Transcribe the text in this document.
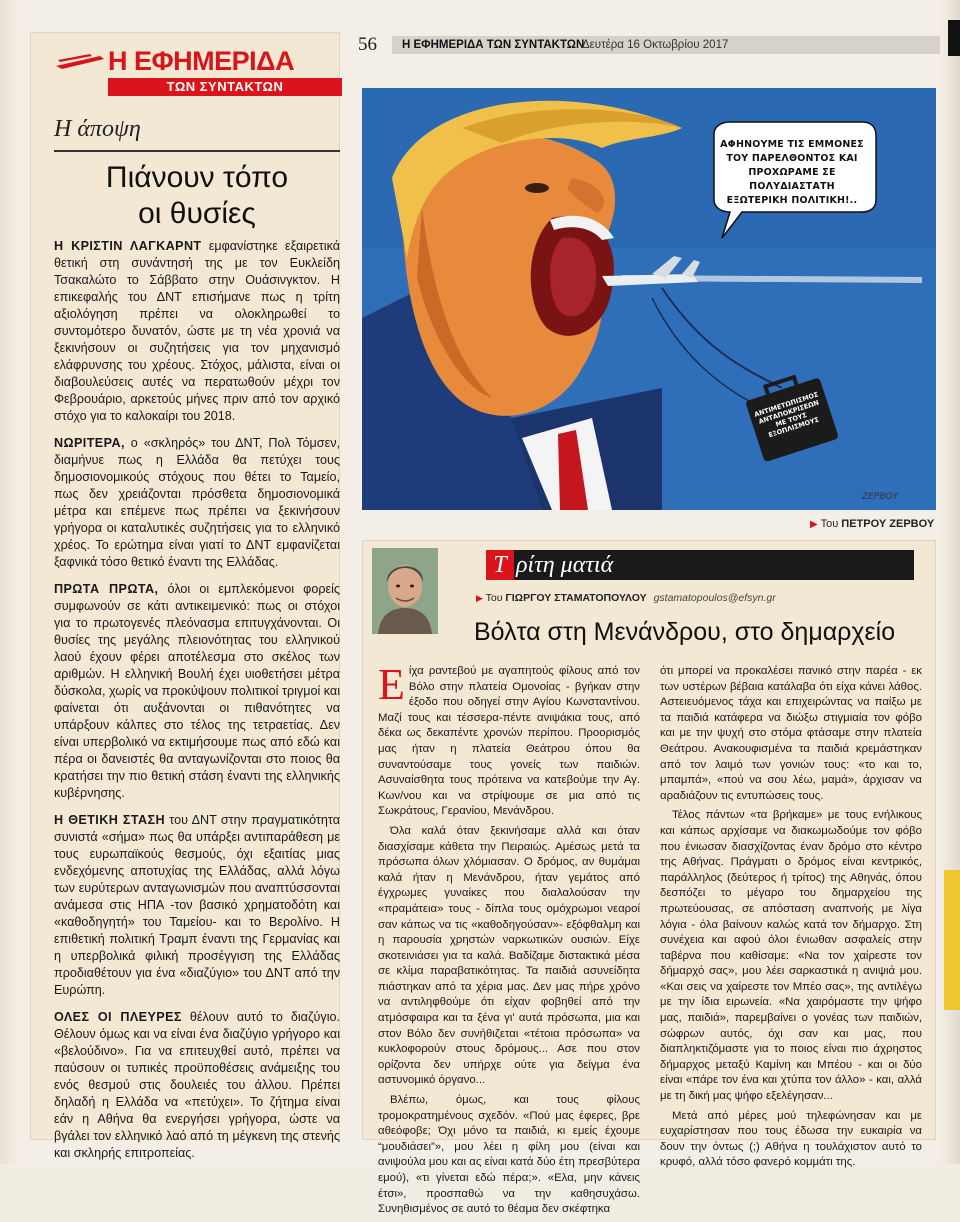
Η ΕΦΗΜΕΡΙΔΑ
ΤΩΝ ΣΥΝΤΑΚΤΩΝ
Η άποψη
Πιάνουν τόπο
οι θυσίες

Η ΚΡΙΣΤΙΝ ΛΑΓΚΑΡΝΤ εμφανίστηκε εξαιρετικά θετική στη συνάντησή της με τον Ευκλείδη Τσακαλώτο το Σάββατο στην Ουάσινγκτον. Η επικεφαλής του ΔΝΤ επισήμανε πως η τρίτη αξιολόγηση πρέπει να ολοκληρωθεί το συντομότερο δυνατόν, ώστε με τη νέα χρονιά να ξεκινήσουν οι συζητήσεις για τον μηχανισμό ελάφρυνσης του χρέους. Στόχος, μάλιστα, είναι οι διαβουλεύσεις αυτές να περατωθούν μέχρι τον Φεβρουάριο, αρκετούς μήνες πριν από τον αρχικό στόχο για το καλοκαίρι του 2018.

ΝΩΡΙΤΕΡΑ, ο «σκληρός» του ΔΝΤ, Πολ Τόμσεν, διαμήνυε πως η Ελλάδα θα πετύχει τους δημοσιονομικούς στόχους που θέτει το Ταμείο, πως δεν χρειάζονται πρόσθετα δημοσιονομικά μέτρα και επέμενε πως πρέπει να ξεκινήσουν γρήγορα οι καταλυτικές συζητήσεις για το ελληνικό χρέος. Το ερώτημα είναι γιατί το ΔΝΤ εμφανίζεται ξαφνικά τόσο θετικό έναντι της Ελλάδας.

ΠΡΩΤΑ ΠΡΩΤΑ, όλοι οι εμπλεκόμενοι φορείς συμφωνούν σε κάτι αντικειμενικό: πως οι στόχοι για το πρωτογενές πλεόνασμα επιτυγχάνονται. Οι θυσίες της μεγάλης πλειονότητας του ελληνικού λαού έχουν φέρει αποτέλεσμα στο σκέλος των αριθμών. Η ελληνική Βουλή έχει υιοθετήσει μέτρα δύσκολα, χωρίς να προκύψουν πολιτικοί τριγμοί και φαίνεται ότι αυξάνονται οι πιθανότητες να υπάρξουν κάλπες στο τέλος της τετραετίας. Δεν είναι υπερβολικό να εκτιμήσουμε πως από εδώ και πέρα οι δανειστές θα ανταγωνίζονται στο ποιος θα κρατήσει την πιο θετική στάση έναντι της ελληνικής κυβέρνησης.

Η ΘΕΤΙΚΗ ΣΤΑΣΗ του ΔΝΤ στην πραγματικότητα συνιστά «σήμα» πως θα υπάρξει αντιπαράθεση με τους ευρωπαϊκούς θεσμούς, όχι εξαιτίας μιας ενδεχόμενης αποτυχίας της Ελλάδας, αλλά λόγω των ευρύτερων ανταγωνισμών που αναπτύσσονται ανάμεσα στις ΗΠΑ -τον βασικό χρηματοδότη και «καθοδηγητή» του Ταμείου- και το Βερολίνο. Η επιθετική πολιτική Τραμπ έναντι της Γερμανίας και η υπερβολικά φιλική προσέγγιση της Ελλάδας προδιαθέτουν για ένα «διαζύγιο» του ΔΝΤ από την Ευρώπη.

ΟΛΕΣ ΟΙ ΠΛΕΥΡΕΣ θέλουν αυτό το διαζύγιο. Θέλουν όμως και να είναι ένα διαζύγιο γρήγορο και «βελούδινο». Για να επιτευχθεί αυτό, πρέπει να παύσουν οι τυπικές προϋποθέσεις ανάμειξης του ενός θεσμού στις δουλειές του άλλου. Πρέπει δηλαδή η Ελλάδα να «πετύχει». Το ζήτημα είναι εάν η Αθήνα θα ενεργήσει γρήγορα, ώστε να βγάλει τον ελληνικό λαό από τη μέγκενη της στενής και σκληρής επιτροπείας.

56	Η ΕΦΗΜΕΡΙΔΑ ΤΩΝ ΣΥΝΤΑΚΤΩΝ
Δευτέρα 16 Οκτωβρίου 2017
ΑΦΗΝΟΥΜΕ ΤΙΣ ΕΜΜΟΝΕΣ ΤΟΥ ΠΑΡΕΛΘΟΝΤΟΣ ΚΑΙ ΠΡΟΧΩΡΑΜΕ ΣΕ ΠΟΛΥΔΙΑΣΤΑΤΗ ΕΞΩΤΕΡΙΚΗ ΠΟΛΙΤΙΚΗ!..
ΑΝΤΙΜΕΤΩΠΙΣΜΟΣ ΑΝΤΑΠΟΚΡΙΣΕΩΝ ΜΕ ΤΟΥΣ ΕΞΟΠΛΙΣΜΟΥΣ
ΖΕΡΒΟΥ
▶ Του ΠΕΤΡΟΥ ΖΕΡΒΟΥ
Τ ρίτη ματιά
▶ Του ΓΙΩΡΓΟΥ ΣΤΑΜΑΤΟΠΟΥΛΟΥ gstamatopoulos@efsyn.gr
Βόλτα στη Μενάνδρου, στο δημαρχείο

Είχα ραντεβού με αγαπητούς φίλους από τον Βόλο στην πλατεία Ομονοίας - βγήκαν στην έξοδο που οδηγεί στην Αγίου Κωνσταντίνου. Μαζί τους και τέσσερα-πέντε ανιψάκια τους, από δέκα ως δεκαπέντε χρονών περίπου. Προορισμός μας ήταν η πλατεία Θεάτρου όπου θα συναντούσαμε τους γονείς των παιδιών. Ασυναίσθητα τους πρότεινα να κατεβούμε την Αγ. Κων/νου και να στρίψουμε σε μια από τις Σωκράτους, Γερανίου, Μενάνδρου.

Όλα καλά όταν ξεκινήσαμε αλλά και όταν διασχίσαμε κάθετα την Πειραιώς. Αμέσως μετά τα πρόσωπα όλων χλόμιασαν. Ο δρόμος, αν θυμάμαι καλά ήταν η Μενάνδρου, ήταν γεμάτος από έγχρωμες γυναίκες που διαλαλούσαν την «πραμάτεια» τους - δίπλα τους ομόχρωμοι νεαροί σαν κάπως να τις «καθοδηγούσαν»- εξόφθαλμη και η παρουσία χρηστών ναρκωτικών ουσιών. Είχε σκοτεινιάσει για τα καλά. Βαδίζαμε διστακτικά μέσα σε κλίμα παραβατικότητας. Τα παιδιά ασυνείδητα πιάστηκαν από τα χέρια μας. Δεν μας πήρε χρόνο να αντιληφθούμε ότι είχαν φοβηθεί από την ατμόσφαιρα και τα ξένα γι' αυτά πρόσωπα, μια και στον Βόλο δεν συνήθιζεται «τέτοια πρόσωπα» να κυκλοφορούν στους δρόμους... Ασε που στον ορίζοντα δεν υπήρχε ούτε για δείγμα ένα αστυνομικό όργανο...

Βλέπω, όμως, και τους φίλους τρομοκρατημένους σχεδόν. «Πού μας έφερες, βρε αθεόφοβε; Όχι μόνο τα παιδιά, κι εμείς έχουμε “μουδιάσει”», μου λέει η φίλη μου (είναι και ανιψούλα μου και ας είναι κατά δύο έτη πρεσβύτερα εμού), «τι γίνεται εδώ πέρα;». «Ελα, μην κάνεις έτσι», προσπαθώ να την καθησυχάσω. Συνηθισμένος σε αυτό το θέαμα δεν σκέφτηκα

ότι μπορεί να προκαλέσει πανικό στην παρέα - εκ των υστέρων βέβαια κατάλαβα ότι είχα κάνει λάθος. Αστειευόμενος τάχα και επιχειρώντας να παίξω με τα παιδιά κατάφερα να διώξω στιγμιαία τον φόβο και με την ψυχή στο στόμα φτάσαμε στην πλατεία Θεάτρου. Ανακουφισμένα τα παιδιά κρεμάστηκαν από τον λαιμό των γονιών τους: «το και το, μπαμπά», «πού να σου λέω, μαμά», άρχισαν να αραδιάζουν τις εντυπώσεις τους.

Τέλος πάντων «τα βρήκαμε» με τους ενήλικους και κάπως αρχίσαμε να διακωμωδούμε τον φόβο που ένιωσαν διασχίζοντας έναν δρόμο στο κέντρο της Αθήνας. Πράγματι ο δρόμος είναι κεντρικός, παράλληλος (δεύτερος ή τρίτος) της Αθηνάς, όπου δεσπόζει το μέγαρο του δημαρχείου της πρωτεύουσας, σε απόσταση αναπνοής με λίγα λόγια - όλα βαίνουν καλώς κατά τον δήμαρχο. Στη συνέχεια και αφού όλοι ένιωθαν ασφαλείς στην ταβέρνα που καθίσαμε: «Να τον χαίρεστε τον δήμαρχό σας», μου λέει σαρκαστικά η ανιψιά μου. «Και σεις να χαίρεστε τον Μπέο σας», της αντιλέγω με την ίδια ειρωνεία. «Να χαιρόμαστε την ψήφο μας, παιδιά», παρεμβαίνει ο γονέας των παιδιών, σώφρων αυτός, όχι σαν και μας, που διαπληκτιζόμαστε για το ποιος είναι πιο άχρηστος δήμαρχος μεταξύ Καμίνη και Μπέου - και οι δύο είναι «πάρε τον ένα και χτύπα τον άλλο» - και, αλλά με τη δική μας ψήφο εξελέγησαν...

Μετά από μέρες μού τηλεφώνησαν και με ευχαρίστησαν που τους έδωσα την ευκαιρία να δουν την όντως (;) Αθήνα η τουλάχιστον αυτό το κρυφό, αλλά τόσο φανερό κομμάτι της.
